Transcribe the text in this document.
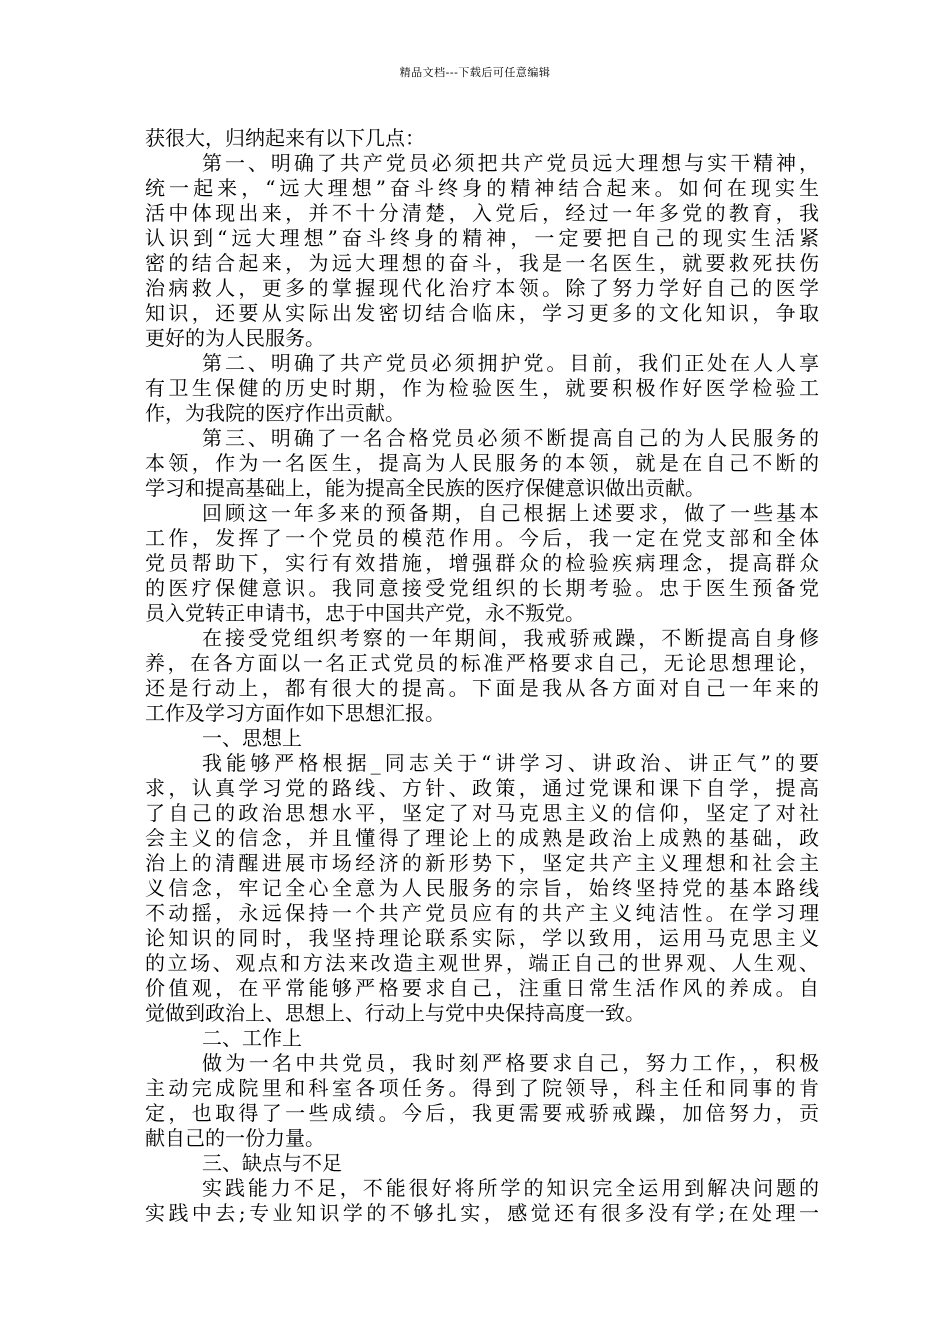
精品文档---下载后可任意编辑
获很大，归纳起来有以下几点：
第一、明确了共产党员必须把共产党员远大理想与实干精神，
统一起来，“远大理想”奋斗终身的精神结合起来。如何在现实生
活中体现出来，并不十分清楚，入党后，经过一年多党的教育，我
认识到“远大理想”奋斗终身的精神，一定要把自己的现实生活紧
密的结合起来，为远大理想的奋斗，我是一名医生，就要救死扶伤
治病救人，更多的掌握现代化治疗本领。除了努力学好自己的医学
知识，还要从实际出发密切结合临床，学习更多的文化知识，争取
更好的为人民服务。
第二、明确了共产党员必须拥护党。目前，我们正处在人人享
有卫生保健的历史时期，作为检验医生，就要积极作好医学检验工
作，为我院的医疗作出贡献。
第三、明确了一名合格党员必须不断提高自己的为人民服务的
本领，作为一名医生，提高为人民服务的本领，就是在自己不断的
学习和提高基础上，能为提高全民族的医疗保健意识做出贡献。
回顾这一年多来的预备期，自己根据上述要求，做了一些基本
工作，发挥了一个党员的模范作用。今后，我一定在党支部和全体
党员帮助下，实行有效措施，增强群众的检验疾病理念，提高群众
的医疗保健意识。我同意接受党组织的长期考验。忠于医生预备党
员入党转正申请书，忠于中国共产党，永不叛党。
在接受党组织考察的一年期间，我戒骄戒躁，不断提高自身修
养，在各方面以一名正式党员的标准严格要求自己，无论思想理论，
还是行动上，都有很大的提高。下面是我从各方面对自己一年来的
工作及学习方面作如下思想汇报。
一、思想上
我能够严格根据_同志关于“讲学习、讲政治、讲正气”的要
求，认真学习党的路线、方针、政策，通过党课和课下自学，提高
了自己的政治思想水平，坚定了对马克思主义的信仰，坚定了对社
会主义的信念，并且懂得了理论上的成熟是政治上成熟的基础，政
治上的清醒进展市场经济的新形势下，坚定共产主义理想和社会主
义信念，牢记全心全意为人民服务的宗旨，始终坚持党的基本路线
不动摇，永远保持一个共产党员应有的共产主义纯洁性。在学习理
论知识的同时，我坚持理论联系实际，学以致用，运用马克思主义
的立场、观点和方法来改造主观世界，端正自己的世界观、人生观、
价值观，在平常能够严格要求自己，注重日常生活作风的养成。自
觉做到政治上、思想上、行动上与党中央保持高度一致。
二、工作上
做为一名中共党员，我时刻严格要求自己，努力工作，，积极
主动完成院里和科室各项任务。得到了院领导，科主任和同事的肯
定，也取得了一些成绩。今后，我更需要戒骄戒躁，加倍努力，贡
献自己的一份力量。
三、缺点与不足
实践能力不足，不能很好将所学的知识完全运用到解决问题的
实践中去;专业知识学的不够扎实，感觉还有很多没有学;在处理一
